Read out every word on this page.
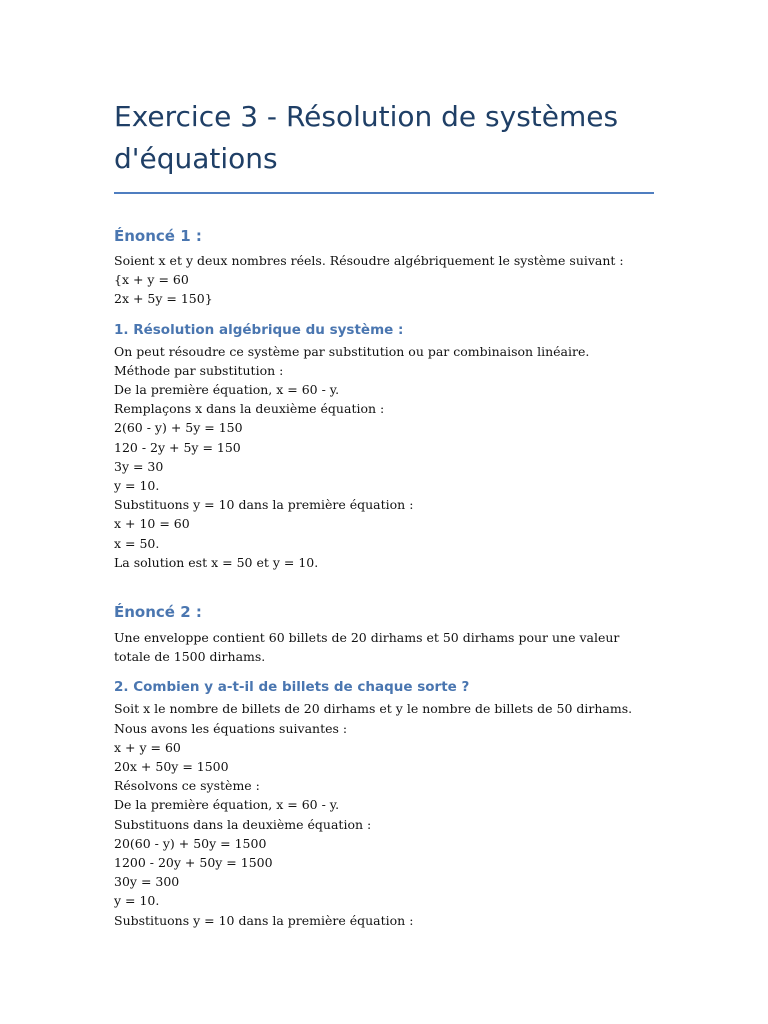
Exercice 3 - Résolution de systèmes d'équations
Énoncé 1 :
Soient x et y deux nombres réels. Résoudre algébriquement le système suivant :
{x + y = 60
2x + 5y = 150}
1. Résolution algébrique du système :
On peut résoudre ce système par substitution ou par combinaison linéaire.
Méthode par substitution :
De la première équation, x = 60 - y.
Remplaçons x dans la deuxième équation :
2(60 - y) + 5y = 150
120 - 2y + 5y = 150
3y = 30
y = 10.
Substituons y = 10 dans la première équation :
x + 10 = 60
x = 50.
La solution est x = 50 et y = 10.
Énoncé 2 :
Une enveloppe contient 60 billets de 20 dirhams et 50 dirhams pour une valeur totale de 1500 dirhams.
2. Combien y a-t-il de billets de chaque sorte ?
Soit x le nombre de billets de 20 dirhams et y le nombre de billets de 50 dirhams.
Nous avons les équations suivantes :
x + y = 60
20x + 50y = 1500
Résolvons ce système :
De la première équation, x = 60 - y.
Substituons dans la deuxième équation :
20(60 - y) + 50y = 1500
1200 - 20y + 50y = 1500
30y = 300
y = 10.
Substituons y = 10 dans la première équation :
